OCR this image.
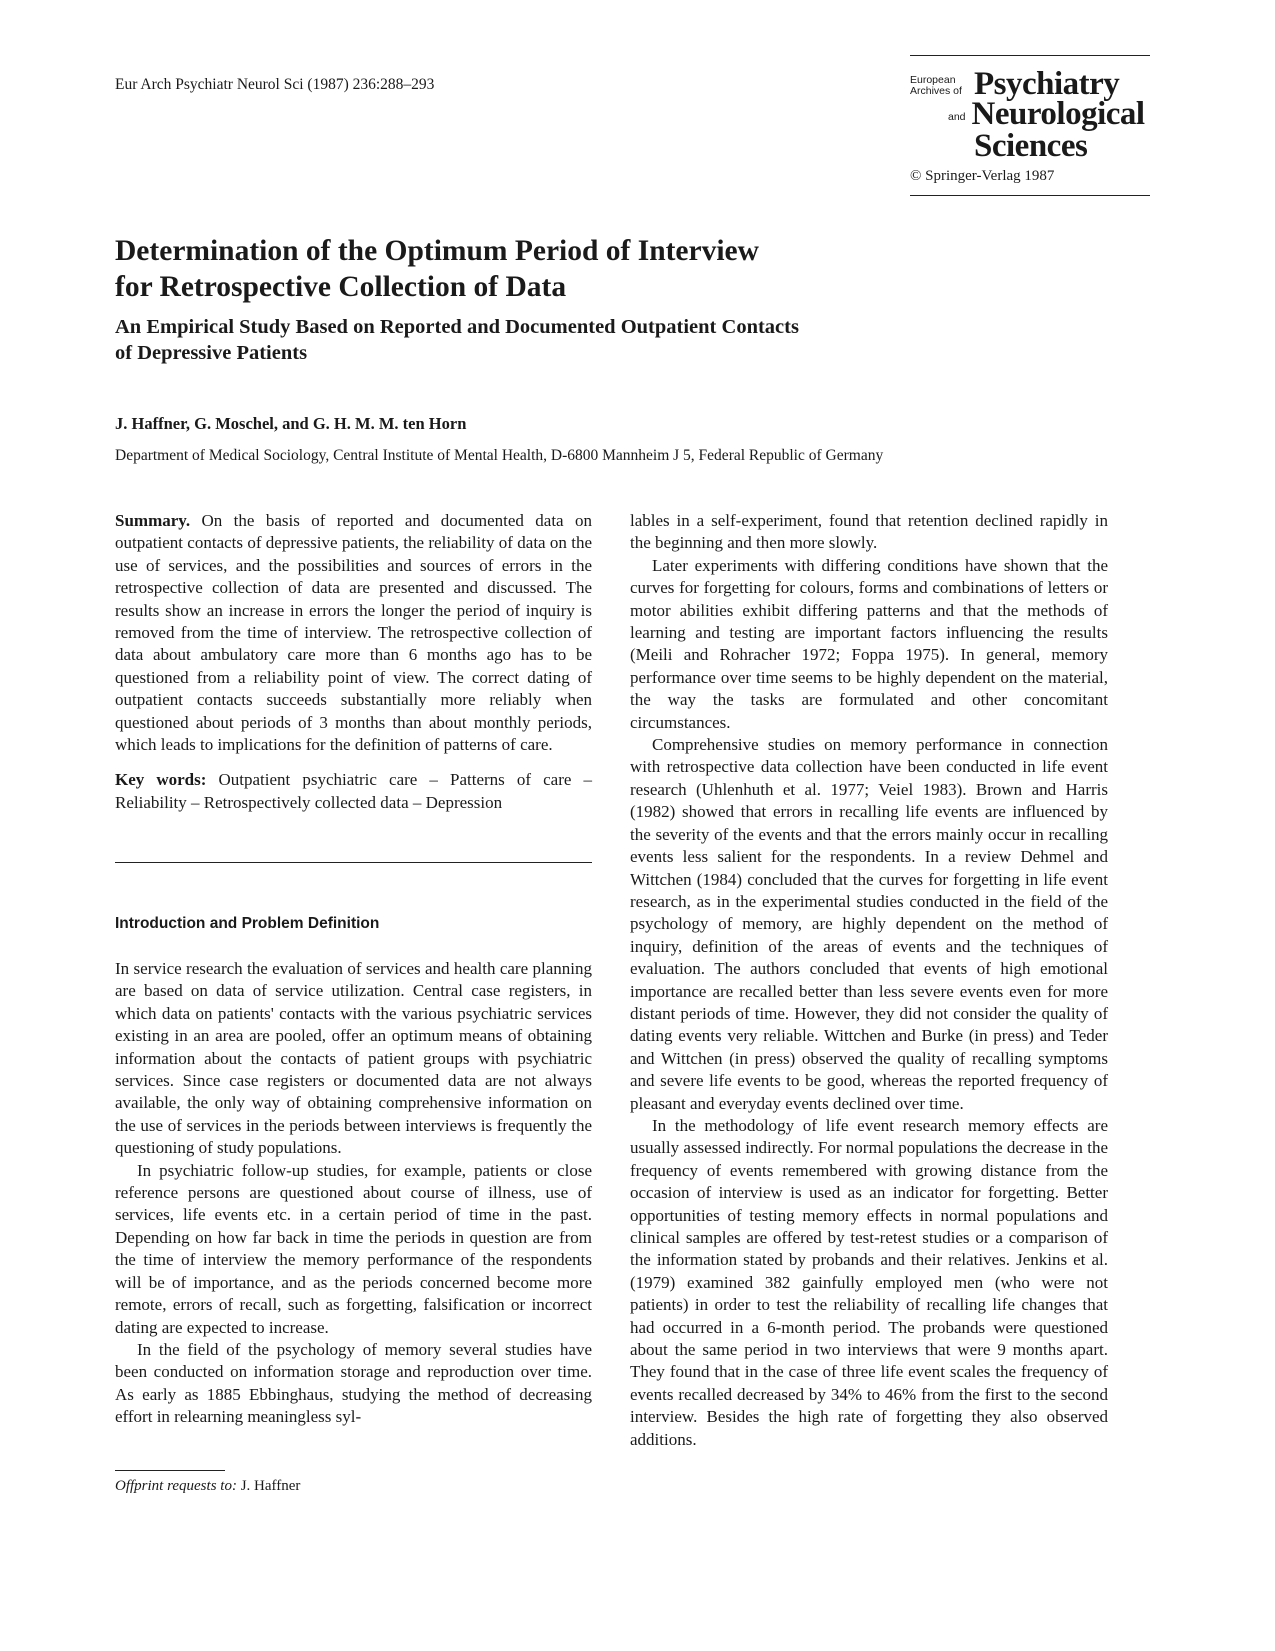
Eur Arch Psychiatr Neurol Sci (1987) 236:288–293	European
Archives of Psychiatry
and Neurological
Sciences
© Springer-Verlag 1987
Determination of the Optimum Period of Interview
for Retrospective Collection of Data
An Empirical Study Based on Reported and Documented Outpatient Contacts
of Depressive Patients
J. Haffner, G. Moschel, and G. H. M. M. ten Horn
Department of Medical Sociology, Central Institute of Mental Health, D-6800 Mannheim J 5, Federal Republic of Germany

Summary. On the basis of reported and documented data on outpatient contacts of depressive patients, the reliability of data on the use of services, and the possibilities and sources of errors in the retrospective collection of data are presented and discussed. The results show an increase in errors the longer the period of inquiry is removed from the time of interview. The retrospective collection of data about ambulatory care more than 6 months ago has to be questioned from a reliability point of view. The correct dating of outpatient contacts succeeds substantially more reliably when questioned about periods of 3 months than about monthly periods, which leads to implications for the definition of patterns of care.

Key words: Outpatient psychiatric care – Patterns of care – Reliability – Retrospectively collected data – Depression

Introduction and Problem Definition

In service research the evaluation of services and health care planning are based on data of service utilization. Central case registers, in which data on patients' contacts with the various psychiatric services existing in an area are pooled, offer an optimum means of obtaining information about the contacts of patient groups with psychiatric services. Since case registers or documented data are not always available, the only way of obtaining comprehensive information on the use of services in the periods between interviews is frequently the questioning of study populations.

In psychiatric follow-up studies, for example, patients or close reference persons are questioned about course of illness, use of services, life events etc. in a certain period of time in the past. Depending on how far back in time the periods in question are from the time of interview the memory performance of the respondents will be of importance, and as the periods concerned become more remote, errors of recall, such as forgetting, falsification or incorrect dating are expected to increase.

In the field of the psychology of memory several studies have been conducted on information storage and reproduction over time. As early as 1885 Ebbinghaus, studying the method of decreasing effort in relearning meaningless syl-

Offprint requests to: J. Haffner

lables in a self-experiment, found that retention declined rapidly in the beginning and then more slowly.

Later experiments with differing conditions have shown that the curves for forgetting for colours, forms and combinations of letters or motor abilities exhibit differing patterns and that the methods of learning and testing are important factors influencing the results (Meili and Rohracher 1972; Foppa 1975). In general, memory performance over time seems to be highly dependent on the material, the way the tasks are formulated and other concomitant circumstances.

Comprehensive studies on memory performance in connection with retrospective data collection have been conducted in life event research (Uhlenhuth et al. 1977; Veiel 1983). Brown and Harris (1982) showed that errors in recalling life events are influenced by the severity of the events and that the errors mainly occur in recalling events less salient for the respondents. In a review Dehmel and Wittchen (1984) concluded that the curves for forgetting in life event research, as in the experimental studies conducted in the field of the psychology of memory, are highly dependent on the method of inquiry, definition of the areas of events and the techniques of evaluation. The authors concluded that events of high emotional importance are recalled better than less severe events even for more distant periods of time. However, they did not consider the quality of dating events very reliable. Wittchen and Burke (in press) and Teder and Wittchen (in press) observed the quality of recalling symptoms and severe life events to be good, whereas the reported frequency of pleasant and everyday events declined over time.

In the methodology of life event research memory effects are usually assessed indirectly. For normal populations the decrease in the frequency of events remembered with growing distance from the occasion of interview is used as an indicator for forgetting. Better opportunities of testing memory effects in normal populations and clinical samples are offered by test-retest studies or a comparison of the information stated by probands and their relatives. Jenkins et al. (1979) examined 382 gainfully employed men (who were not patients) in order to test the reliability of recalling life changes that had occurred in a 6-month period. The probands were questioned about the same period in two interviews that were 9 months apart. They found that in the case of three life event scales the frequency of events recalled decreased by 34% to 46% from the first to the second interview. Besides the high rate of forgetting they also observed additions.
